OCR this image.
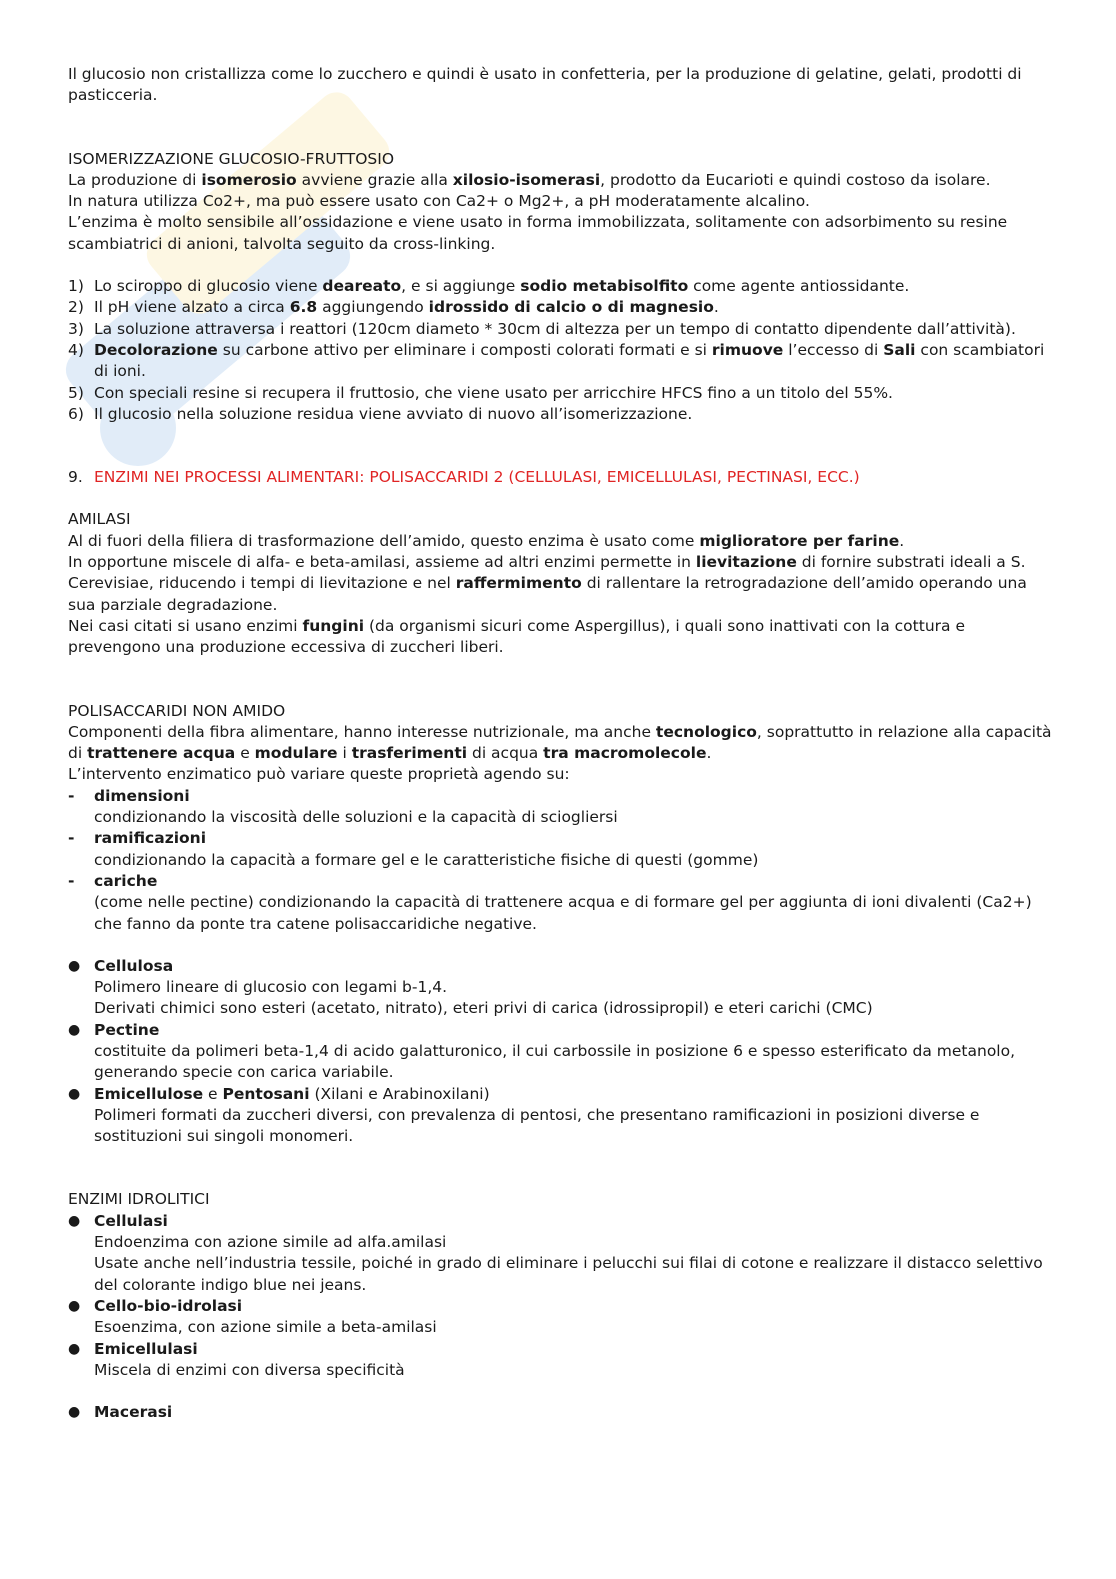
Il glucosio non cristallizza come lo zucchero e quindi è usato in confetteria, per la produzione di gelatine, gelati, prodotti di pasticceria.

ISOMERIZZAZIONE GLUCOSIO-FRUTTOSIO

La produzione di isomerosio avviene grazie alla xilosio-isomerasi, prodotto da Eucarioti e quindi costoso da isolare.

In natura utilizza Co2+, ma può essere usato con Ca2+ o Mg2+, a pH moderatamente alcalino.

L’enzima è molto sensibile all’ossidazione e viene usato in forma immobilizzata, solitamente con adsorbimento su resine scambiatrici di anioni, talvolta seguito da cross-linking.

1) Lo sciroppo di glucosio viene deareato, e si aggiunge sodio metabisolfito come agente antiossidante.
2) Il pH viene alzato a circa 6.8 aggiungendo idrossido di calcio o di magnesio.
3) La soluzione attraversa i reattori (120cm diameto * 30cm di altezza per un tempo di contatto dipendente dall’attività).
4) Decolorazione su carbone attivo per eliminare i composti colorati formati e si rimuove l’eccesso di Sali con scambiatori di ioni.
5) Con speciali resine si recupera il fruttosio, che viene usato per arricchire HFCS fino a un titolo del 55%.
6) Il glucosio nella soluzione residua viene avviato di nuovo all’isomerizzazione.

9. ENZIMI NEI PROCESSI ALIMENTARI: POLISACCARIDI 2 (CELLULASI, EMICELLULASI, PECTINASI, ECC.)

AMILASI

Al di fuori della filiera di trasformazione dell’amido, questo enzima è usato come miglioratore per farine.

In opportune miscele di alfa- e beta-amilasi, assieme ad altri enzimi permette in lievitazione di fornire substrati ideali a S. Cerevisiae, riducendo i tempi di lievitazione e nel raffermimento di rallentare la retrogradazione dell’amido operando una sua parziale degradazione.

Nei casi citati si usano enzimi fungini (da organismi sicuri come Aspergillus), i quali sono inattivati con la cottura e prevengono una produzione eccessiva di zuccheri liberi.

POLISACCARIDI NON AMIDO

Componenti della fibra alimentare, hanno interesse nutrizionale, ma anche tecnologico, soprattutto in relazione alla capacità di trattenere acqua e modulare i trasferimenti di acqua tra macromolecole.

L’intervento enzimatico può variare queste proprietà agendo su:

- dimensioni
condizionando la viscosità delle soluzioni e la capacità di sciogliersi
- ramificazioni
condizionando la capacità a formare gel e le caratteristiche fisiche di questi (gomme)
- cariche
(come nelle pectine) condizionando la capacità di trattenere acqua e di formare gel per aggiunta di ioni divalenti (Ca2+) che fanno da ponte tra catene polisaccaridiche negative.
● Cellulosa
Polimero lineare di glucosio con legami b-1,4.
Derivati chimici sono esteri (acetato, nitrato), eteri privi di carica (idrossipropil) e eteri carichi (CMC)
● Pectine
costituite da polimeri beta-1,4 di acido galatturonico, il cui carbossile in posizione 6 e spesso esterificato da metanolo, generando specie con carica variabile.
● Emicellulose e Pentosani (Xilani e Arabinoxilani)
Polimeri formati da zuccheri diversi, con prevalenza di pentosi, che presentano ramificazioni in posizioni diverse e sostituzioni sui singoli monomeri.

ENZIMI IDROLITICI

● Cellulasi
Endoenzima con azione simile ad alfa.amilasi
Usate anche nell’industria tessile, poiché in grado di eliminare i pelucchi sui filai di cotone e realizzare il distacco selettivo del colorante indigo blue nei jeans.
● Cello-bio-idrolasi
Esoenzima, con azione simile a beta-amilasi
● Emicellulasi
Miscela di enzimi con diversa specificità
● Macerasi
